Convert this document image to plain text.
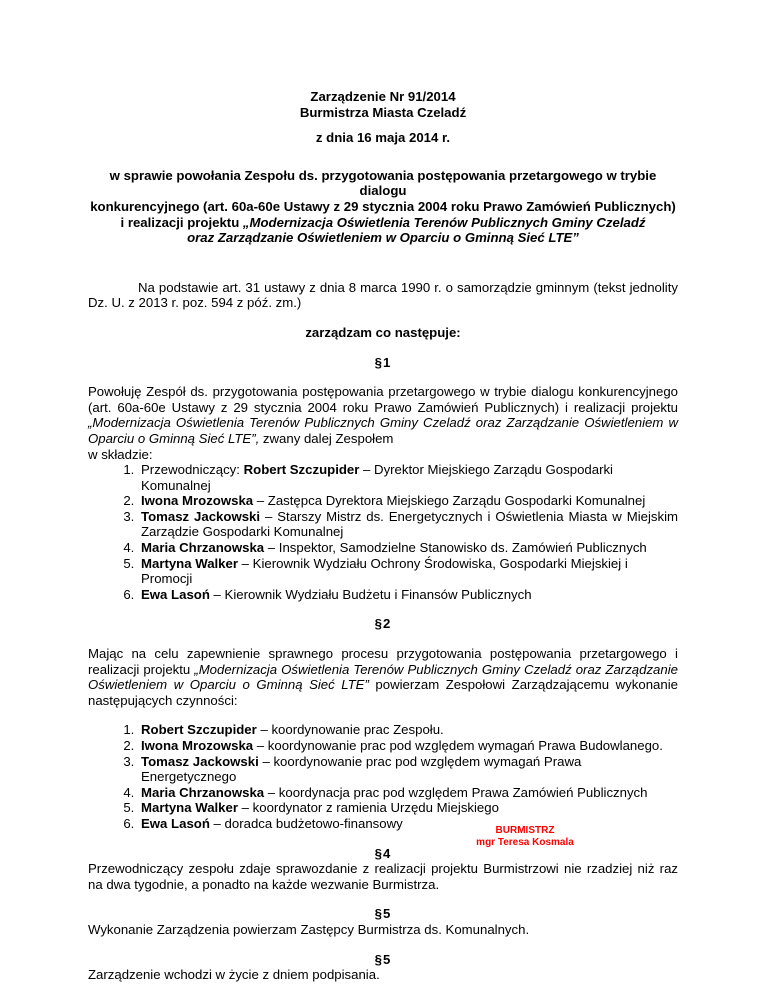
Zarządzenie Nr 91/2014

Burmistrza Miasta Czeladź

z dnia 16 maja 2014 r.

w sprawie powołania Zespołu ds. przygotowania postępowania przetargowego w trybie dialogu

konkurencyjnego (art. 60a-60e Ustawy z 29 stycznia 2004 roku Prawo Zamówień Publicznych)

i realizacji projektu „Modernizacja Oświetlenia Terenów Publicznych Gminy Czeladź

oraz Zarządzanie Oświetleniem w Oparciu o Gminną Sieć LTE”

Na podstawie art. 31 ustawy z dnia 8 marca 1990 r. o samorządzie gminnym (tekst jednolity Dz. U. z 2013 r. poz. 594 z póź. zm.)

zarządzam co następuje:

§1

Powołuję Zespół ds. przygotowania postępowania przetargowego w trybie dialogu konkurencyjnego (art. 60a-60e Ustawy z 29 stycznia 2004 roku Prawo Zamówień Publicznych) i realizacji projektu „Modernizacja Oświetlenia Terenów Publicznych Gminy Czeladź oraz Zarządzanie Oświetleniem w Oparciu o Gminną Sieć LTE”, zwany dalej Zespołem

w składzie:

1. Przewodniczący: Robert Szczupider – Dyrektor Miejskiego Zarządu Gospodarki Komunalnej
2. Iwona Mrozowska – Zastępca Dyrektora Miejskiego Zarządu Gospodarki Komunalnej
3. Tomasz Jackowski – Starszy Mistrz ds. Energetycznych i Oświetlenia Miasta w Miejskim Zarządzie Gospodarki Komunalnej
4. Maria Chrzanowska – Inspektor, Samodzielne Stanowisko ds. Zamówień Publicznych
5. Martyna Walker – Kierownik Wydziału Ochrony Środowiska, Gospodarki Miejskiej i Promocji
6. Ewa Lasoń – Kierownik Wydziału Budżetu i Finansów Publicznych

§2

Mając na celu zapewnienie sprawnego procesu przygotowania postępowania przetargowego i realizacji projektu „Modernizacja Oświetlenia Terenów Publicznych Gminy Czeladź oraz Zarządzanie Oświetleniem w Oparciu o Gminną Sieć LTE” powierzam Zespołowi Zarządzającemu wykonanie następujących czynności:

1. Robert Szczupider – koordynowanie prac Zespołu.
2. Iwona Mrozowska – koordynowanie prac pod względem wymagań Prawa Budowlanego.
3. Tomasz Jackowski – koordynowanie prac pod względem wymagań Prawa Energetycznego
4. Maria Chrzanowska – koordynacja prac pod względem Prawa Zamówień Publicznych
5. Martyna Walker – koordynator z ramienia Urzędu Miejskiego
6. Ewa Lasoń – doradca budżetowo-finansowy

§4

Przewodniczący zespołu zdaje sprawozdanie z realizacji projektu Burmistrzowi nie rzadziej niż raz na dwa tygodnie, a ponadto na każde wezwanie Burmistrza.

§5

Wykonanie Zarządzenia powierzam Zastępcy Burmistrza ds. Komunalnych.

§5

Zarządzenie wchodzi w życie z dniem podpisania.

BURMISTRZ
mgr Teresa Kosmala
